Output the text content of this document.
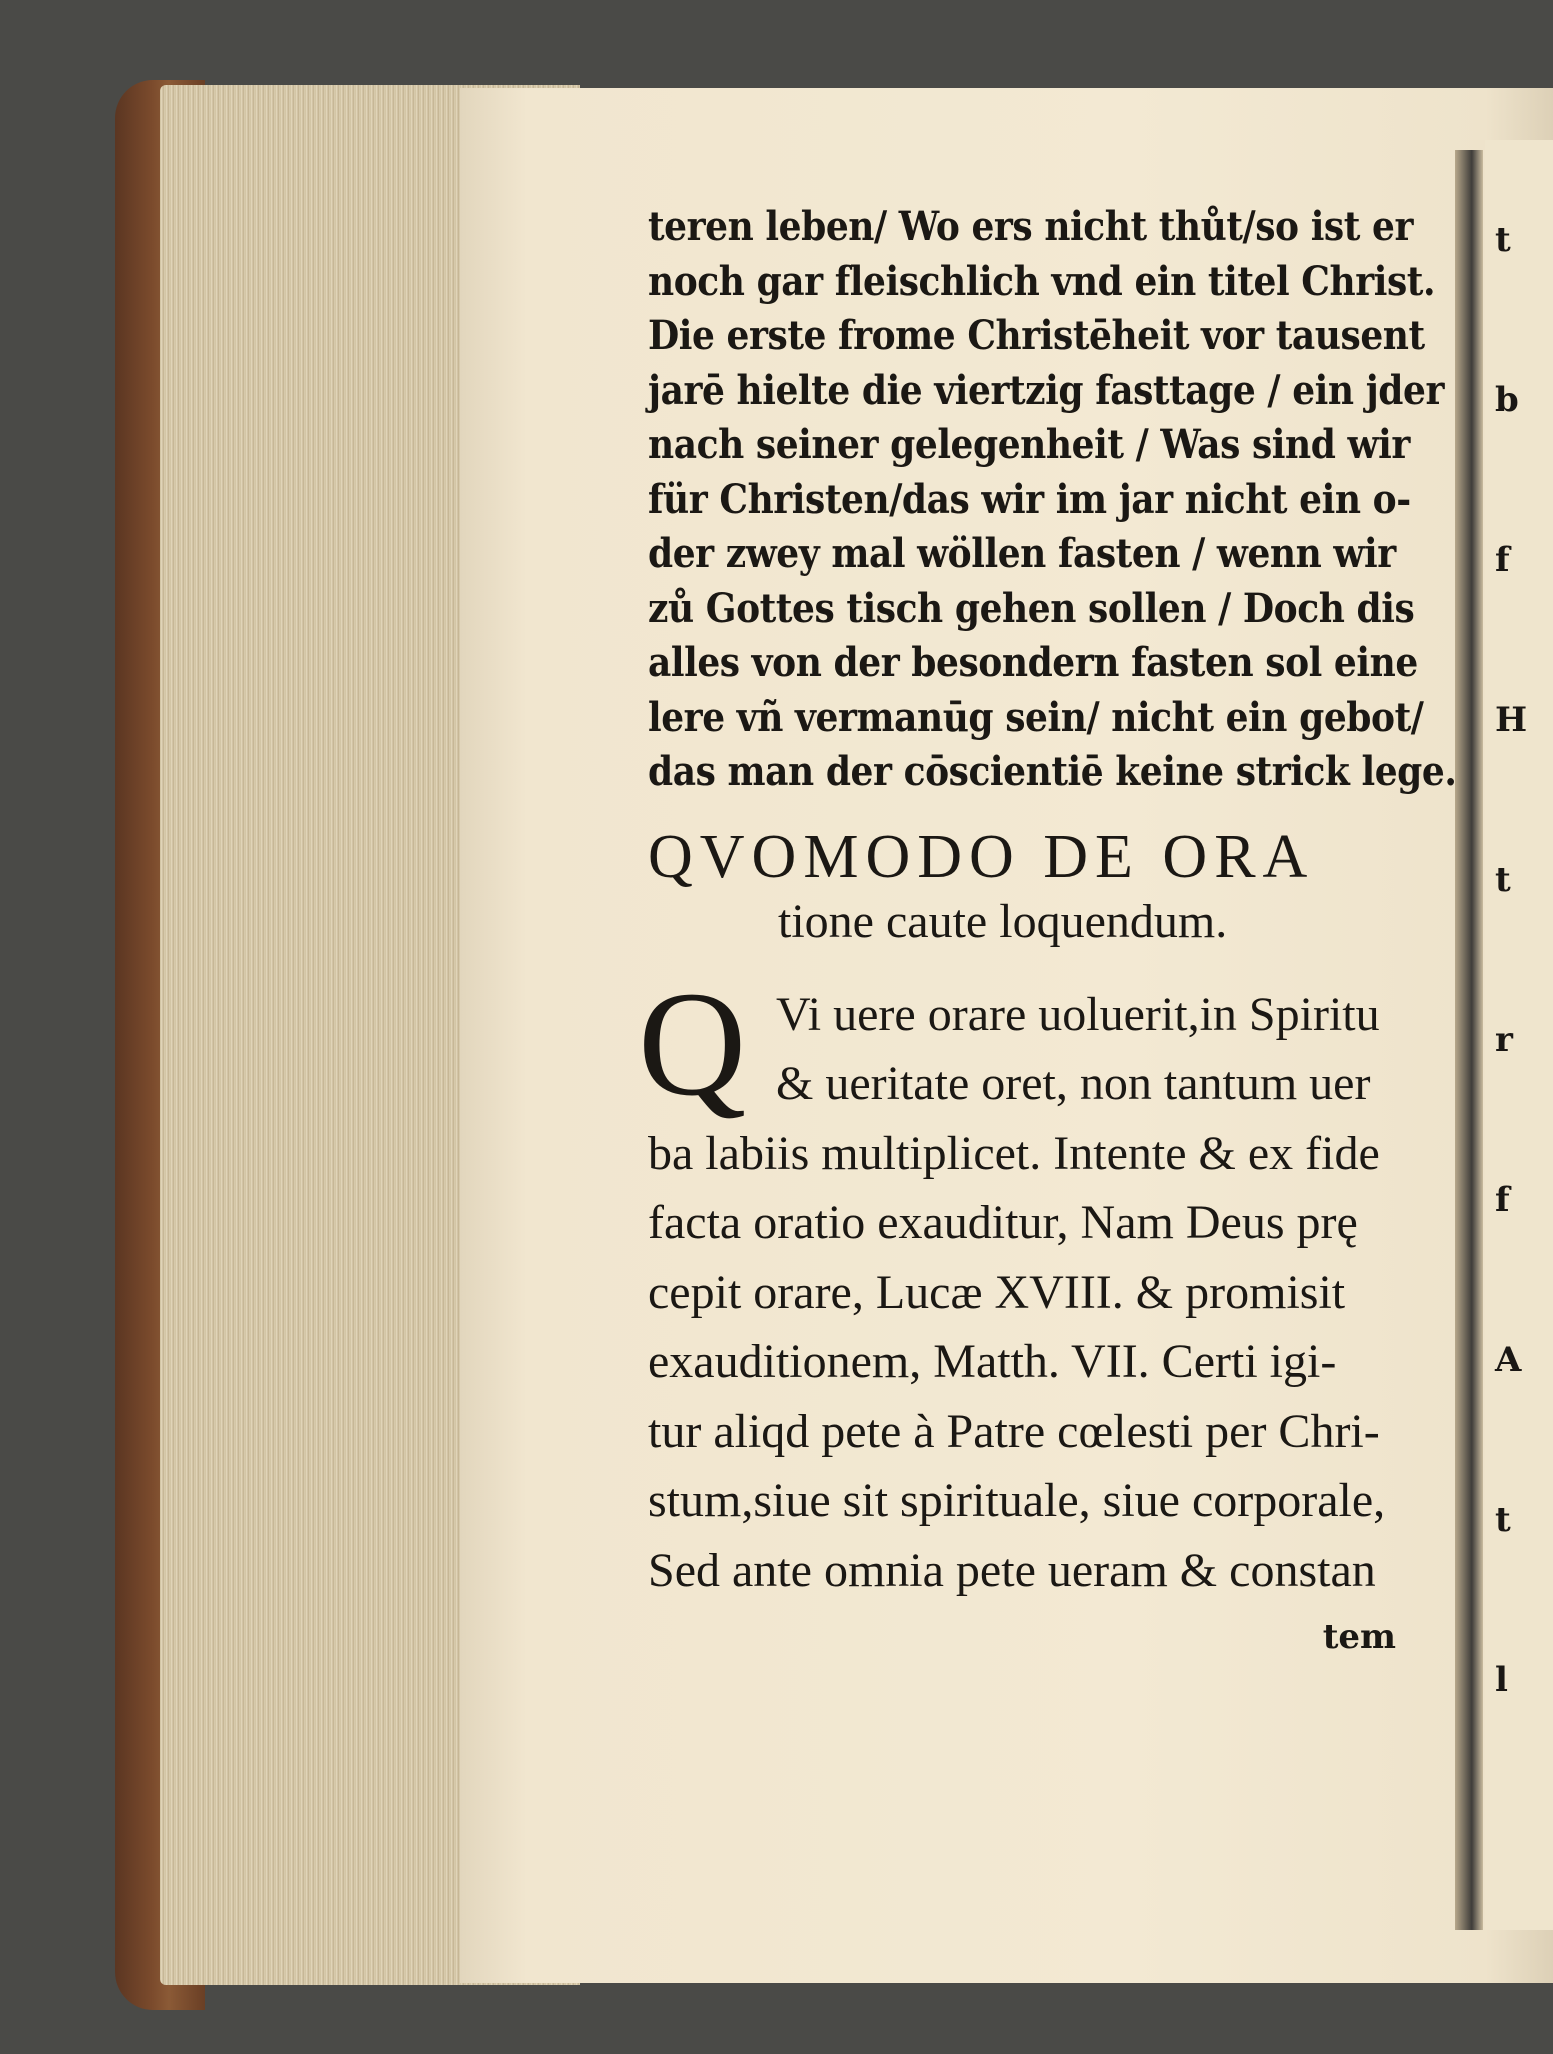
t
b
f
H
t
r
f
A
t
l
teren leben/ Wo ers nicht thůt/so ist er
noch gar fleischlich vnd ein titel Christ.
Die erste frome Christēheit vor tausent
jarē hielte die viertzig fasttage / ein jder
nach seiner gelegenheit / Was sind wir
für Christen/das wir im jar nicht ein o-
der zwey mal wöllen fasten / wenn wir
zů Gottes tisch gehen sollen / Doch dis
alles von der besondern fasten sol eine
lere vñ vermanūg sein/ nicht ein gebot/
das man der cōscientiē keine strick lege.
QVOMODO DE ORA
tione caute loquendum.
Q Vi uere orare uoluerit,in Spiritu
& ueritate oret, non tantum uer
ba labiis multiplicet. Intente & ex fide
facta oratio exauditur, Nam Deus prę
cepit orare, Lucæ XVIII. & promisit
exauditionem, Matth. VII. Certi igi-
tur aliqd pete à Patre cœlesti per Chri-
stum,siue sit spirituale, siue corporale,
Sed ante omnia pete ueram & constan
tem
